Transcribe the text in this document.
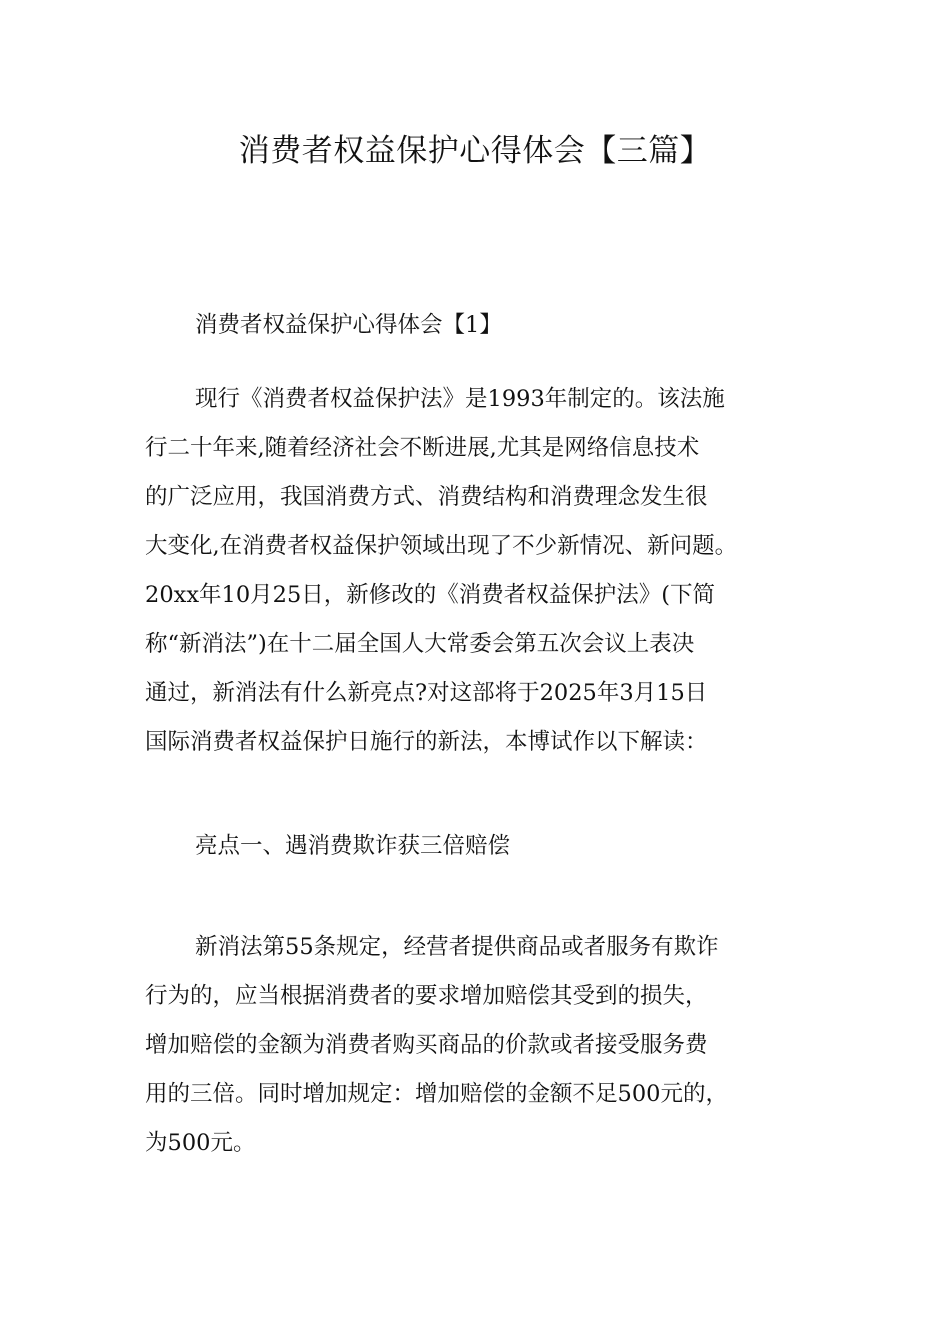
消费者权益保护心得体会【三篇】
消费者权益保护心得体会【1】
现行《消费者权益保护法》是1993年制定的。该法施
行二十年来,随着经济社会不断进展,尤其是网络信息技术
的广泛应用，我国消费方式、消费结构和消费理念发生很
大变化,在消费者权益保护领域出现了不少新情况、新问题。
20xx年10月25日，新修改的《消费者权益保护法》(下简
称“新消法”)在十二届全国人大常委会第五次会议上表决
通过，新消法有什么新亮点?对这部将于2025年3月15日
国际消费者权益保护日施行的新法，本博试作以下解读：
亮点一、遇消费欺诈获三倍赔偿
新消法第55条规定，经营者提供商品或者服务有欺诈
行为的，应当根据消费者的要求增加赔偿其受到的损失，
增加赔偿的金额为消费者购买商品的价款或者接受服务费
用的三倍。同时增加规定：增加赔偿的金额不足500元的，
为500元。
